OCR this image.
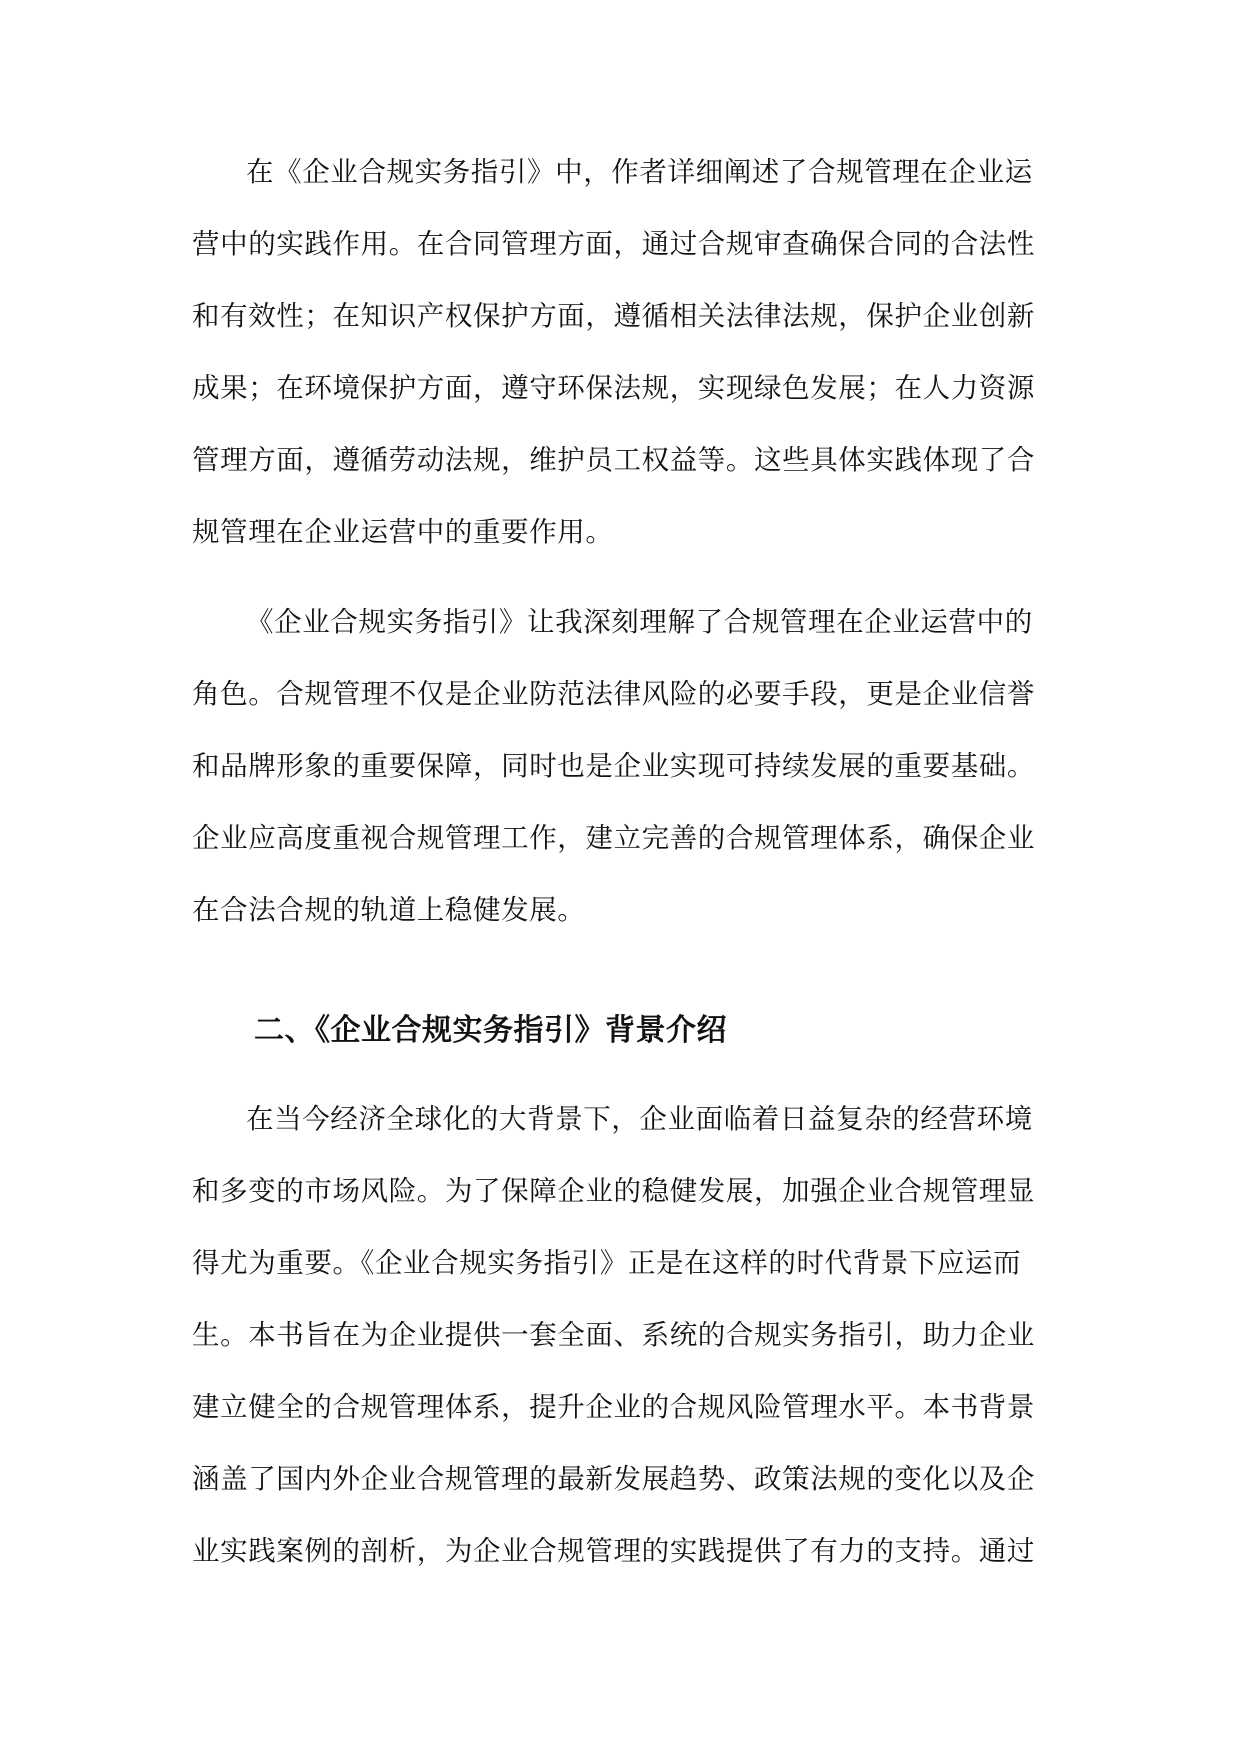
在《企业合规实务指引》中，作者详细阐述了合规管理在企业运
营中的实践作用。在合同管理方面，通过合规审查确保合同的合法性
和有效性；在知识产权保护方面，遵循相关法律法规，保护企业创新
成果；在环境保护方面，遵守环保法规，实现绿色发展；在人力资源
管理方面，遵循劳动法规，维护员工权益等。这些具体实践体现了合
规管理在企业运营中的重要作用。
《企业合规实务指引》让我深刻理解了合规管理在企业运营中的
角色。合规管理不仅是企业防范法律风险的必要手段，更是企业信誉
和品牌形象的重要保障，同时也是企业实现可持续发展的重要基础。
企业应高度重视合规管理工作，建立完善的合规管理体系，确保企业
在合法合规的轨道上稳健发展。
二、《企业合规实务指引》背景介绍
在当今经济全球化的大背景下，企业面临着日益复杂的经营环境
和多变的市场风险。为了保障企业的稳健发展，加强企业合规管理显
得尤为重要。《企业合规实务指引》正是在这样的时代背景下应运而
生。本书旨在为企业提供一套全面、系统的合规实务指引，助力企业
建立健全的合规管理体系，提升企业的合规风险管理水平。本书背景
涵盖了国内外企业合规管理的最新发展趋势、政策法规的变化以及企
业实践案例的剖析，为企业合规管理的实践提供了有力的支持。通过
